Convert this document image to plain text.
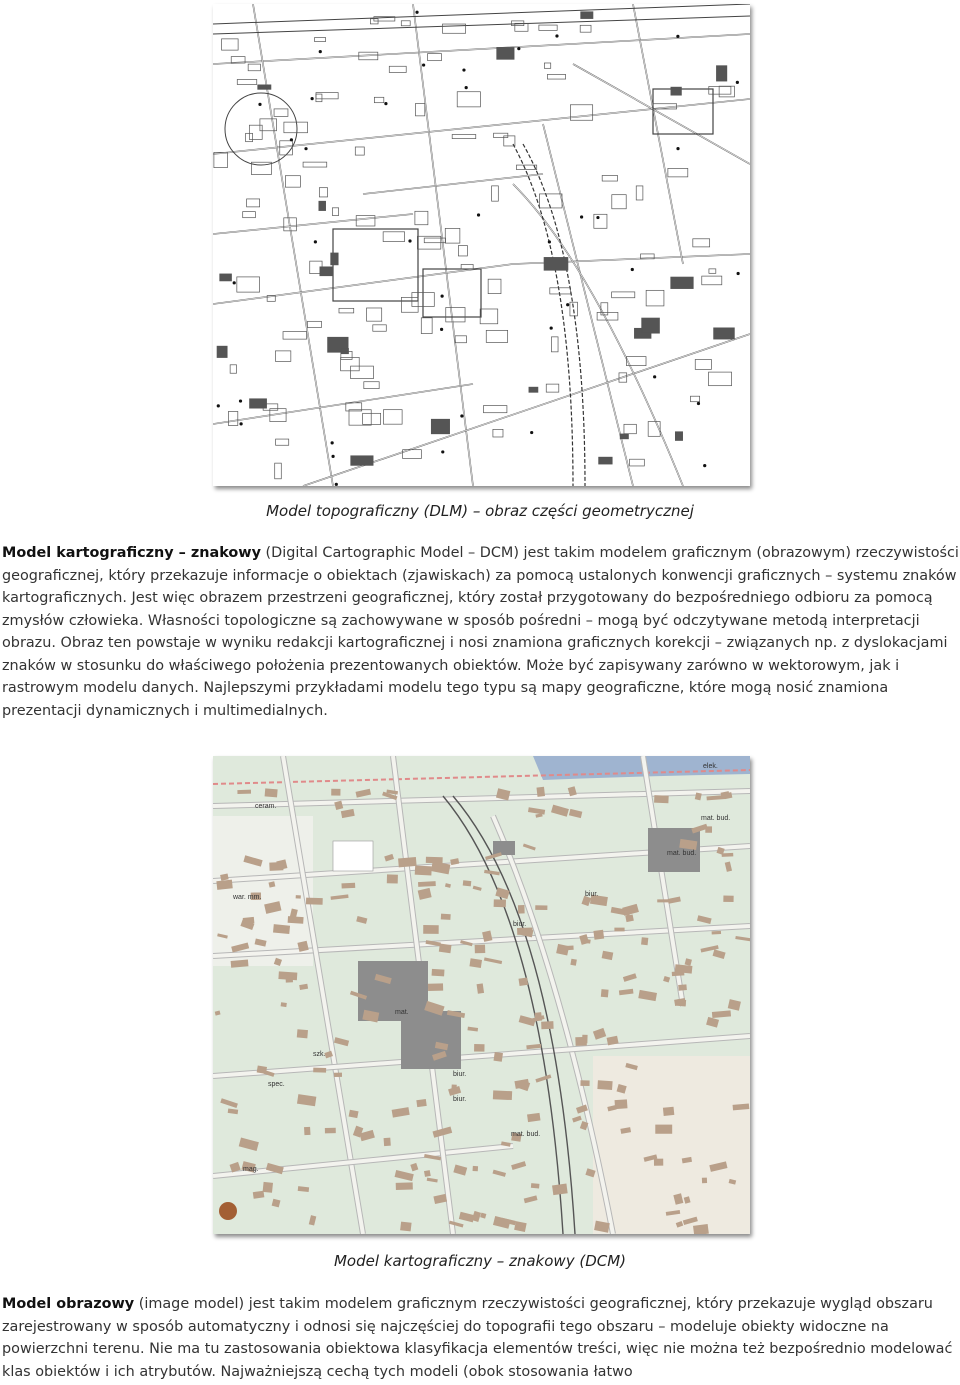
Model topograficzny (DLM) – obraz części geometrycznej

Model kartograficzny – znakowy (Digital Cartographic Model – DCM) jest takim modelem graficznym (obrazowym) rzeczywistości geograficznej, który przekazuje informacje o obiektach (zjawiskach) za pomocą ustalonych konwencji graficznych – systemu znaków kartograficznych. Jest więc obrazem przestrzeni geograficznej, który został przygotowany do bezpośredniego odbioru za pomocą zmysłów człowieka. Własności topologiczne są zachowywane w sposób pośredni – mogą być odczytywane metodą interpretacji obrazu. Obraz ten powstaje w wyniku redakcji kartograficznej i nosi znamiona graficznych korekcji – związanych np. z dyslokacjami znaków w stosunku do właściwego położenia prezentowanych obiektów. Może być zapisywany zarówno w wektorowym, jak i rastrowym modelu danych. Najlepszymi przykładami modelu tego typu są mapy geograficzne, które mogą nosić znamiona prezentacji dynamicznych i multimedialnych.

ceram.
war. mm.
mat. bud.
mat. bud.
mat. bud.
mat.
biur.
biur.
biur.
biur.
szk.
spec.
mag.
elek.
Model kartograficzny – znakowy (DCM)

Model obrazowy (image model) jest takim modelem graficznym rzeczywistości geograficznej, który przekazuje wygląd obszaru zarejestrowany w sposób automatyczny i odnosi się najczęściej do topografii tego obszaru – modeluje obiekty widoczne na powierzchni terenu. Nie ma tu zastosowania obiektowa klasyfikacja elementów treści, więc nie można też bezpośrednio modelować klas obiektów i ich atrybutów. Najważniejszą cechą tych modeli (obok stosowania łatwo
